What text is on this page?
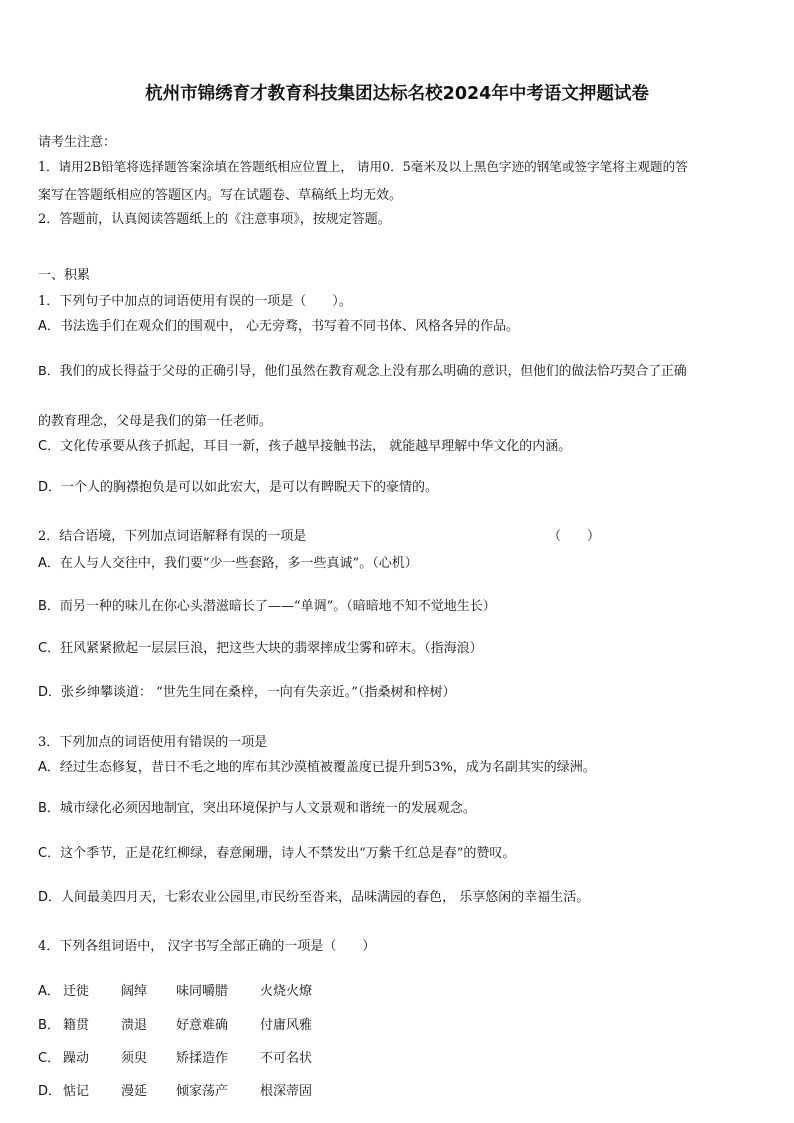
杭州市锦绣育才教育科技集团达标名校2024年中考语文押题试卷
请考生注意：
1．请用2B铅笔将选择题答案涂填在答题纸相应位置上， 请用0．5毫米及以上黑色字迹的钢笔或签字笔将主观题的答
案写在答题纸相应的答题区内。写在试题卷、草稿纸上均无效。
2．答题前，认真阅读答题纸上的《注意事项》，按规定答题。
一、积累
1．下列句子中加点的词语使用有误的一项是（　　）。
A．书法选手们在观众们的围观中， 心无旁骛，书写着不同书体、风格各异的作品。
B．我们的成长得益于父母的正确引导，他们虽然在教育观念上没有那么明确的意识，但他们的做法恰巧契合了正确
的教育理念，父母是我们的第一任老师。
C．文化传承要从孩子抓起，耳目一新，孩子越早接触书法， 就能越早理解中华文化的内涵。
D．一个人的胸襟抱负是可以如此宏大，是可以有睥睨天下的豪情的。
2．结合语境，下列加点词语解释有误的一项是	（　　）
A．在人与人交往中，我们要“少一些套路，多一些真诚”。（心机）
B．而另一种的味儿在你心头潜滋暗长了——“单调”。（暗暗地不知不觉地生长）
C．狂风紧紧掀起一层层巨浪，把这些大块的翡翠摔成尘雾和碎末。（指海浪）
D．张乡绅攀谈道： “世先生同在桑梓，一向有失亲近。”（指桑树和梓树）
3．下列加点的词语使用有错误的一项是
A．经过生态修复，昔日不毛之地的库布其沙漠植被覆盖度已提升到53%，成为名副其实的绿洲。
B．城市绿化必须因地制宜，突出环境保护与人文景观和谐统一的发展观念。
C．这个季节，正是花红柳绿，春意阑珊，诗人不禁发出“万紫千红总是春”的赞叹。
D．人间最美四月天，七彩农业公园里,市民纷至沓来，品味满园的春色， 乐享悠闲的幸福生活。
4．下列各组词语中， 汉字书写全部正确的一项是（　　）
A． 迁徙 阔绰 味同嚼腊 火烧火燎
B． 籍贯 溃退 好意难确 付庸风雅
C． 躁动 须臾 矫揉造作 不可名状
D． 惦记 漫延 倾家荡产 根深蒂固
